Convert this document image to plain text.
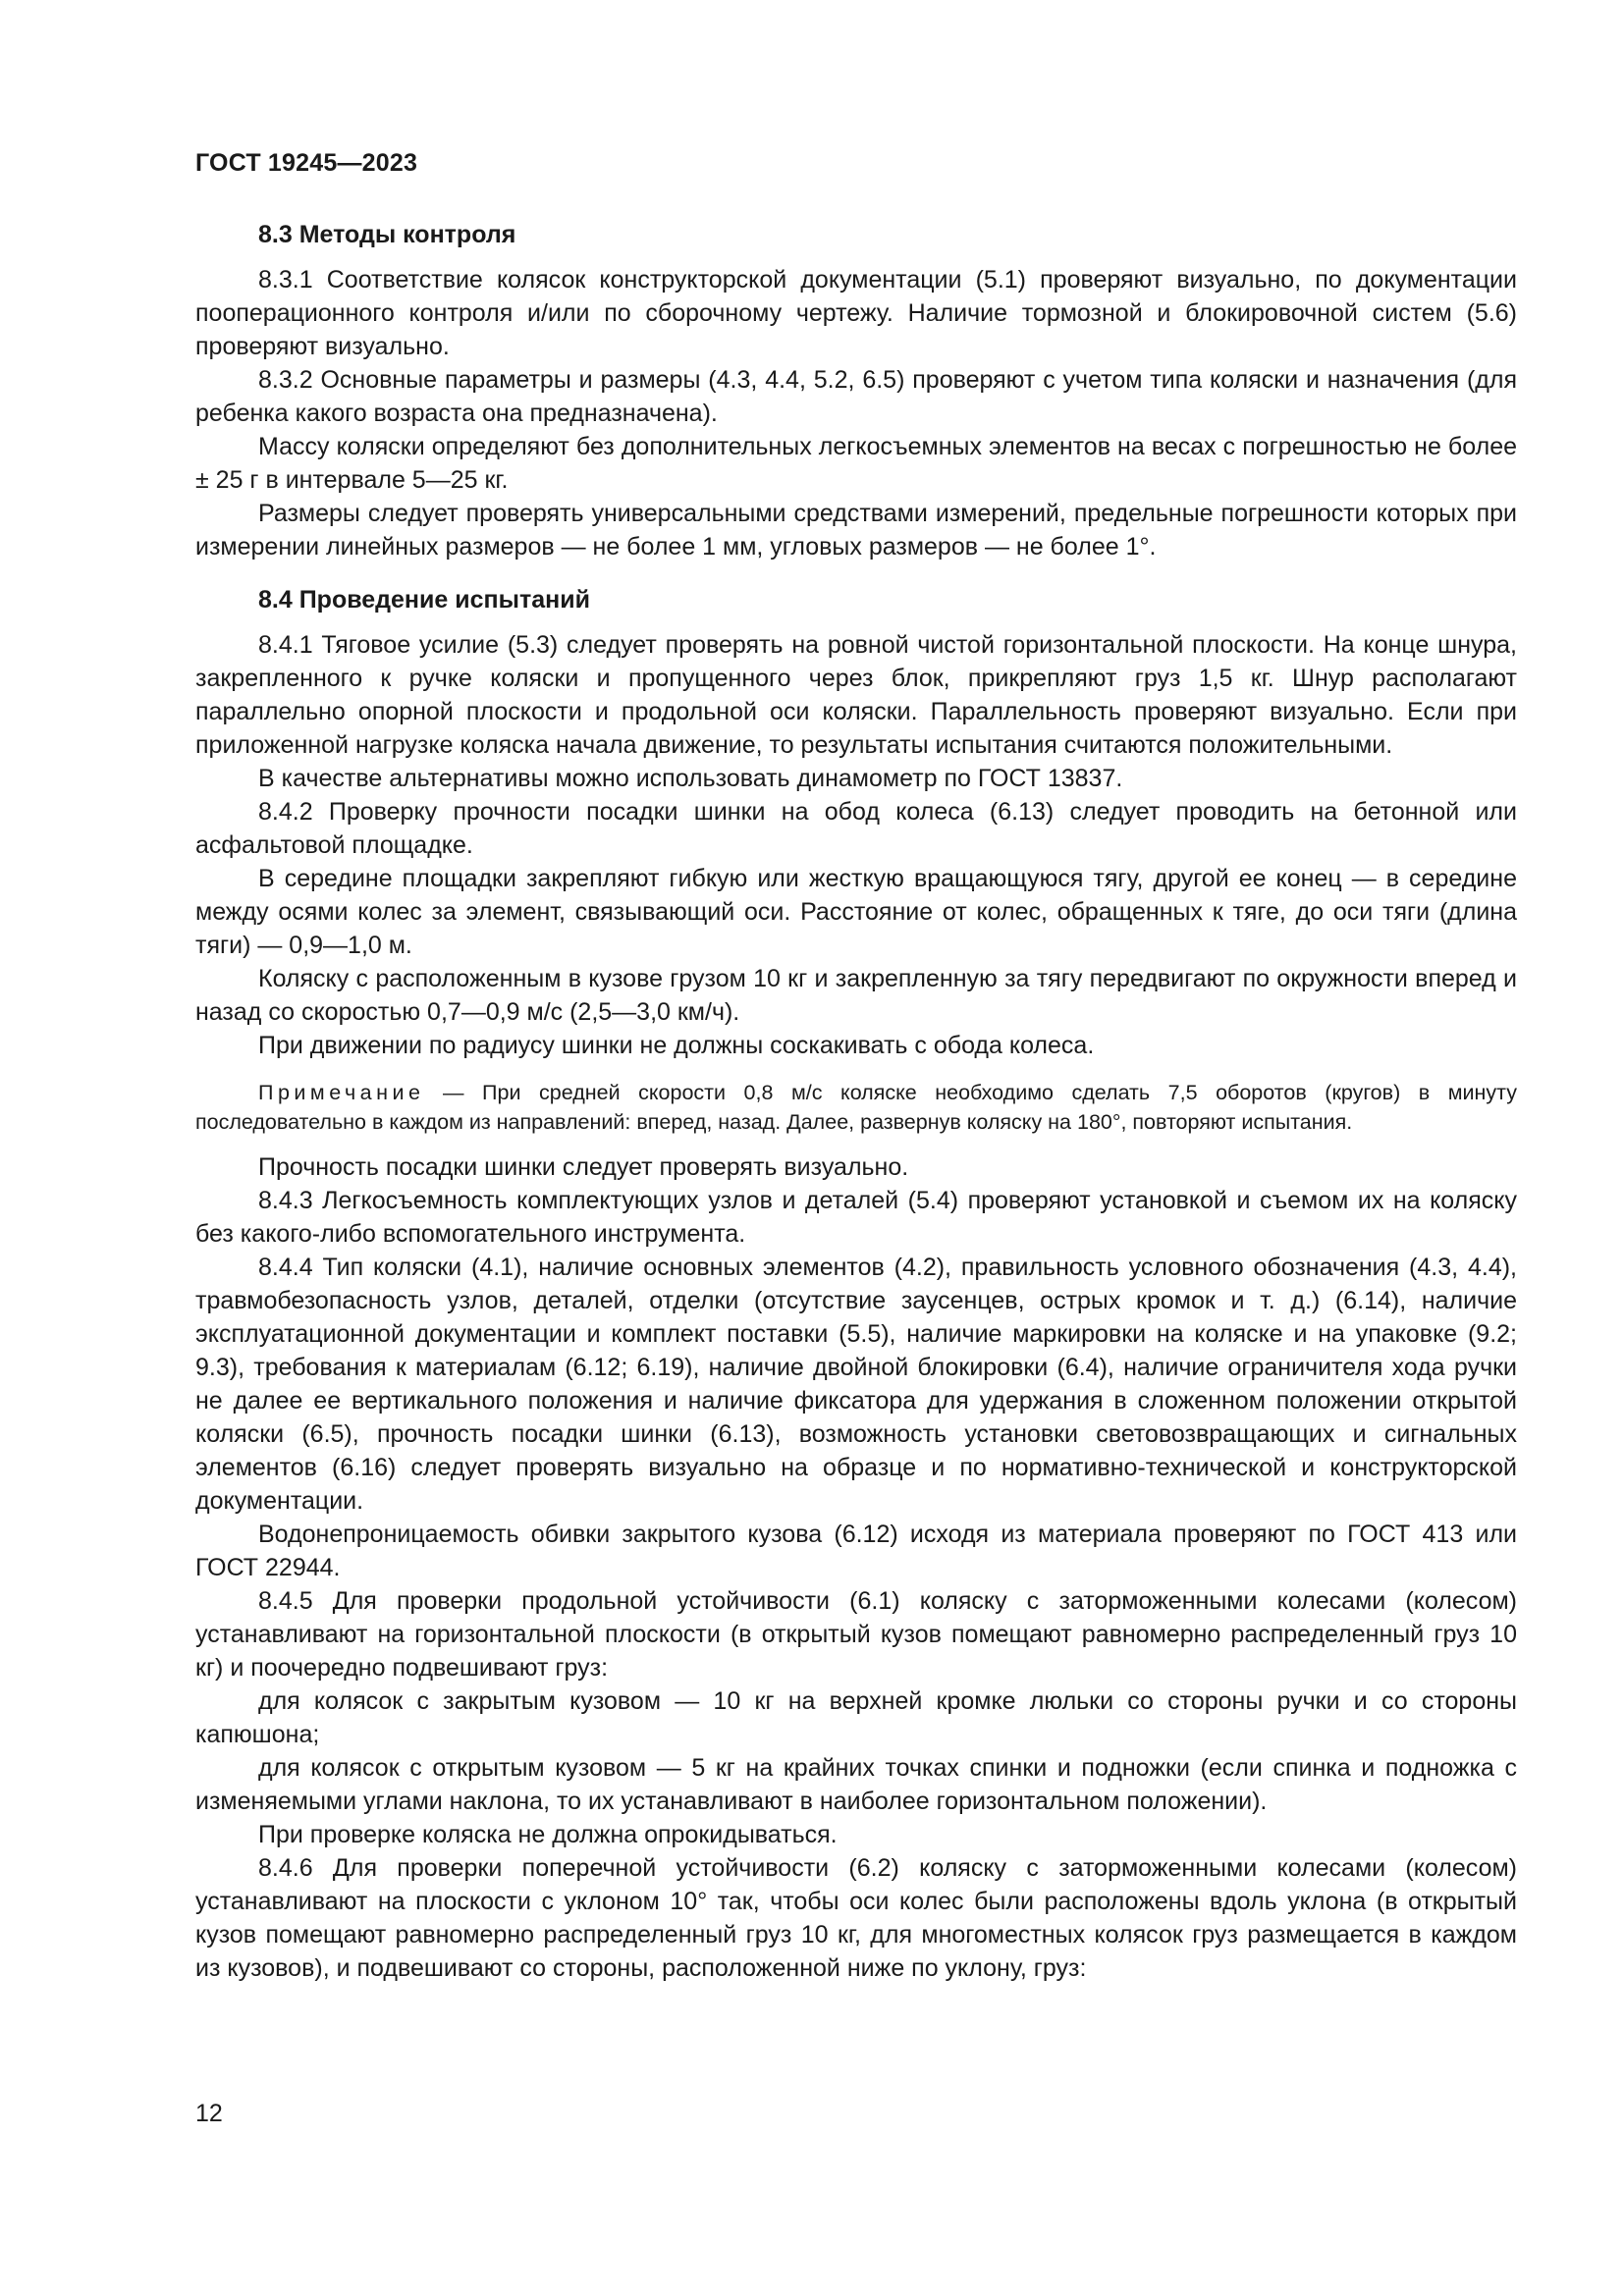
ГОСТ 19245—2023
8.3 Методы контроля

8.3.1 Соответствие колясок конструкторской документации (5.1) проверяют визуально, по документации пооперационного контроля и/или по сборочному чертежу. Наличие тормозной и блокировочной систем (5.6) проверяют визуально.

8.3.2 Основные параметры и размеры (4.3, 4.4, 5.2, 6.5) проверяют с учетом типа коляски и назначения (для ребенка какого возраста она предназначена).

Массу коляски определяют без дополнительных легкосъемных элементов на весах с погрешностью не более ± 25 г в интервале 5—25 кг.

Размеры следует проверять универсальными средствами измерений, предельные погрешности которых при измерении линейных размеров — не более 1 мм, угловых размеров — не более 1°.

8.4 Проведение испытаний

8.4.1 Тяговое усилие (5.3) следует проверять на ровной чистой горизонтальной плоскости. На конце шнура, закрепленного к ручке коляски и пропущенного через блок, прикрепляют груз 1,5 кг. Шнур располагают параллельно опорной плоскости и продольной оси коляски. Параллельность проверяют визуально. Если при приложенной нагрузке коляска начала движение, то результаты испытания считаются положительными.

В качестве альтернативы можно использовать динамометр по ГОСТ 13837.

8.4.2 Проверку прочности посадки шинки на обод колеса (6.13) следует проводить на бетонной или асфальтовой площадке.

В середине площадки закрепляют гибкую или жесткую вращающуюся тягу, другой ее конец — в середине между осями колес за элемент, связывающий оси. Расстояние от колес, обращенных к тяге, до оси тяги (длина тяги) — 0,9—1,0 м.

Коляску с расположенным в кузове грузом 10 кг и закрепленную за тягу передвигают по окружности вперед и назад со скоростью 0,7—0,9 м/с (2,5—3,0 км/ч).

При движении по радиусу шинки не должны соскакивать с обода колеса.

Примечание — При средней скорости 0,8 м/с коляске необходимо сделать 7,5 оборотов (кругов) в минуту последовательно в каждом из направлений: вперед, назад. Далее, развернув коляску на 180°, повторяют испытания.

Прочность посадки шинки следует проверять визуально.

8.4.3 Легкосъемность комплектующих узлов и деталей (5.4) проверяют установкой и съемом их на коляску без какого-либо вспомогательного инструмента.

8.4.4 Тип коляски (4.1), наличие основных элементов (4.2), правильность условного обозначения (4.3, 4.4), травмобезопасность узлов, деталей, отделки (отсутствие заусенцев, острых кромок и т. д.) (6.14), наличие эксплуатационной документации и комплект поставки (5.5), наличие маркировки на коляске и на упаковке (9.2; 9.3), требования к материалам (6.12; 6.19), наличие двойной блокировки (6.4), наличие ограничителя хода ручки не далее ее вертикального положения и наличие фиксатора для удержания в сложенном положении открытой коляски (6.5), прочность посадки шинки (6.13), возможность установки световозвращающих и сигнальных элементов (6.16) следует проверять визуально на образце и по нормативно-технической и конструкторской документации.

Водонепроницаемость обивки закрытого кузова (6.12) исходя из материала проверяют по ГОСТ 413 или ГОСТ 22944.

8.4.5 Для проверки продольной устойчивости (6.1) коляску с заторможенными колесами (колесом) устанавливают на горизонтальной плоскости (в открытый кузов помещают равномерно распределенный груз 10 кг) и поочередно подвешивают груз:

для колясок с закрытым кузовом — 10 кг на верхней кромке люльки со стороны ручки и со стороны капюшона;

для колясок с открытым кузовом — 5 кг на крайних точках спинки и подножки (если спинка и подножка с изменяемыми углами наклона, то их устанавливают в наиболее горизонтальном положении).

При проверке коляска не должна опрокидываться.

8.4.6 Для проверки поперечной устойчивости (6.2) коляску с заторможенными колесами (колесом) устанавливают на плоскости с уклоном 10° так, чтобы оси колес были расположены вдоль уклона (в открытый кузов помещают равномерно распределенный груз 10 кг, для многоместных колясок груз размещается в каждом из кузовов), и подвешивают со стороны, расположенной ниже по уклону, груз:

12
